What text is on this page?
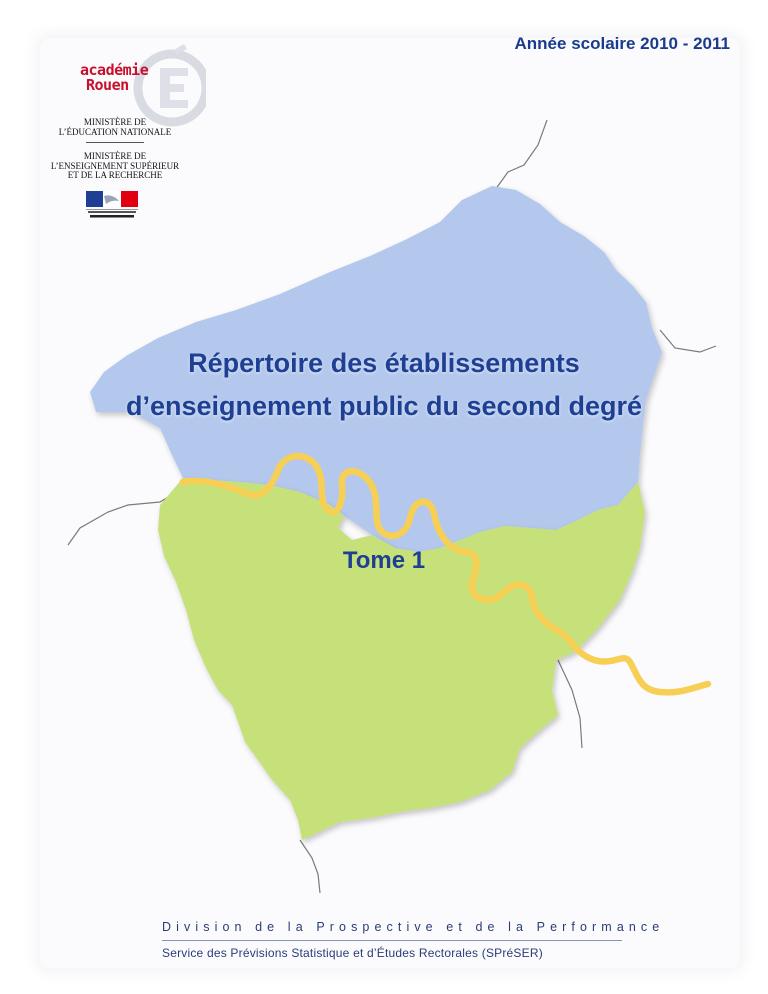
Année scolaire 2010 - 2011
académie
Rouen
MINISTÈRE DE
L’ÉDUCATION NATIONALE
MINISTÈRE DE
L’ENSEIGNEMENT SUPÉRIEUR
ET DE LA RECHERCHE
Répertoire des établissements
d’enseignement public du second degré
Tome 1
Division de la Prospective et de la Performance
Service des Prévisions Statistique et d’Études Rectorales (SPréSER)
